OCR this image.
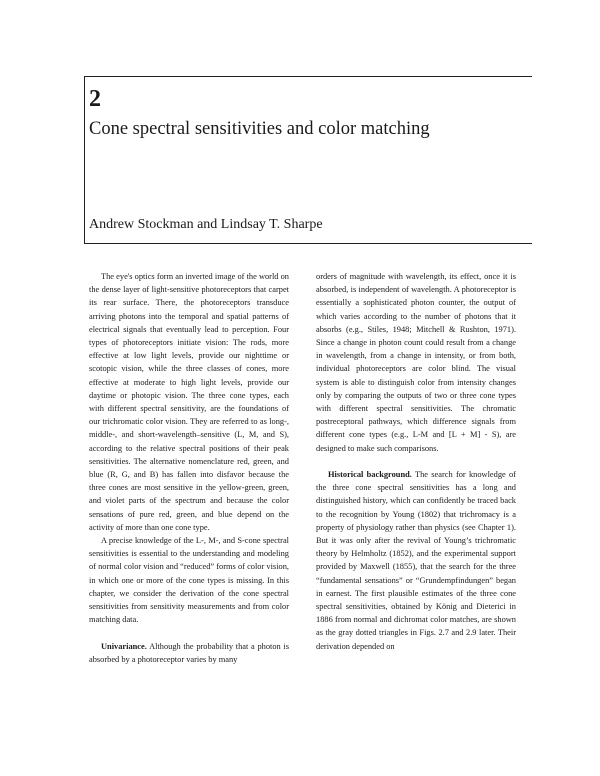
2
Cone spectral sensitivities and color matching
Andrew Stockman and Lindsay T. Sharpe

The eye's optics form an inverted image of the world on the dense layer of light-sensitive photoreceptors that carpet its rear surface. There, the photoreceptors transduce arriving photons into the temporal and spatial patterns of electrical signals that eventually lead to perception. Four types of photoreceptors initiate vision: The rods, more effective at low light levels, provide our nighttime or scotopic vision, while the three classes of cones, more effective at moderate to high light levels, provide our daytime or photopic vision. The three cone types, each with different spectral sensitivity, are the foundations of our trichromatic color vision. They are referred to as long-, middle-, and short-wavelength–sensitive (L, M, and S), according to the relative spectral positions of their peak sensitivities. The alternative nomenclature red, green, and blue (R, G, and B) has fallen into disfavor because the three cones are most sensitive in the yellow-green, green, and violet parts of the spectrum and because the color sensations of pure red, green, and blue depend on the activity of more than one cone type.

A precise knowledge of the L-, M-, and S-cone spectral sensitivities is essential to the understanding and modeling of normal color vision and “reduced” forms of color vision, in which one or more of the cone types is missing. In this chapter, we consider the derivation of the cone spectral sensitivities from sensitivity measurements and from color matching data.

Univariance. Although the probability that a photon is absorbed by a photoreceptor varies by many

orders of magnitude with wavelength, its effect, once it is absorbed, is independent of wavelength. A photoreceptor is essentially a sophisticated photon counter, the output of which varies according to the number of photons that it absorbs (e.g., Stiles, 1948; Mitchell & Rushton, 1971). Since a change in photon count could result from a change in wavelength, from a change in intensity, or from both, individual photoreceptors are color blind. The visual system is able to distinguish color from intensity changes only by comparing the outputs of two or three cone types with different spectral sensitivities. The chromatic postreceptoral pathways, which difference signals from different cone types (e.g., L-M and [L + M] - S), are designed to make such comparisons.

Historical background. The search for knowledge of the three cone spectral sensitivities has a long and distinguished history, which can confidently be traced back to the recognition by Young (1802) that trichromacy is a property of physiology rather than physics (see Chapter 1). But it was only after the revival of Young’s trichromatic theory by Helmholtz (1852), and the experimental support provided by Maxwell (1855), that the search for the three “fundamental sensations” or “Grundempfindungen” began in earnest. The first plausible estimates of the three cone spectral sensitivities, obtained by König and Dieterici in 1886 from normal and dichromat color matches, are shown as the gray dotted triangles in Figs. 2.7 and 2.9 later. Their derivation depended on
